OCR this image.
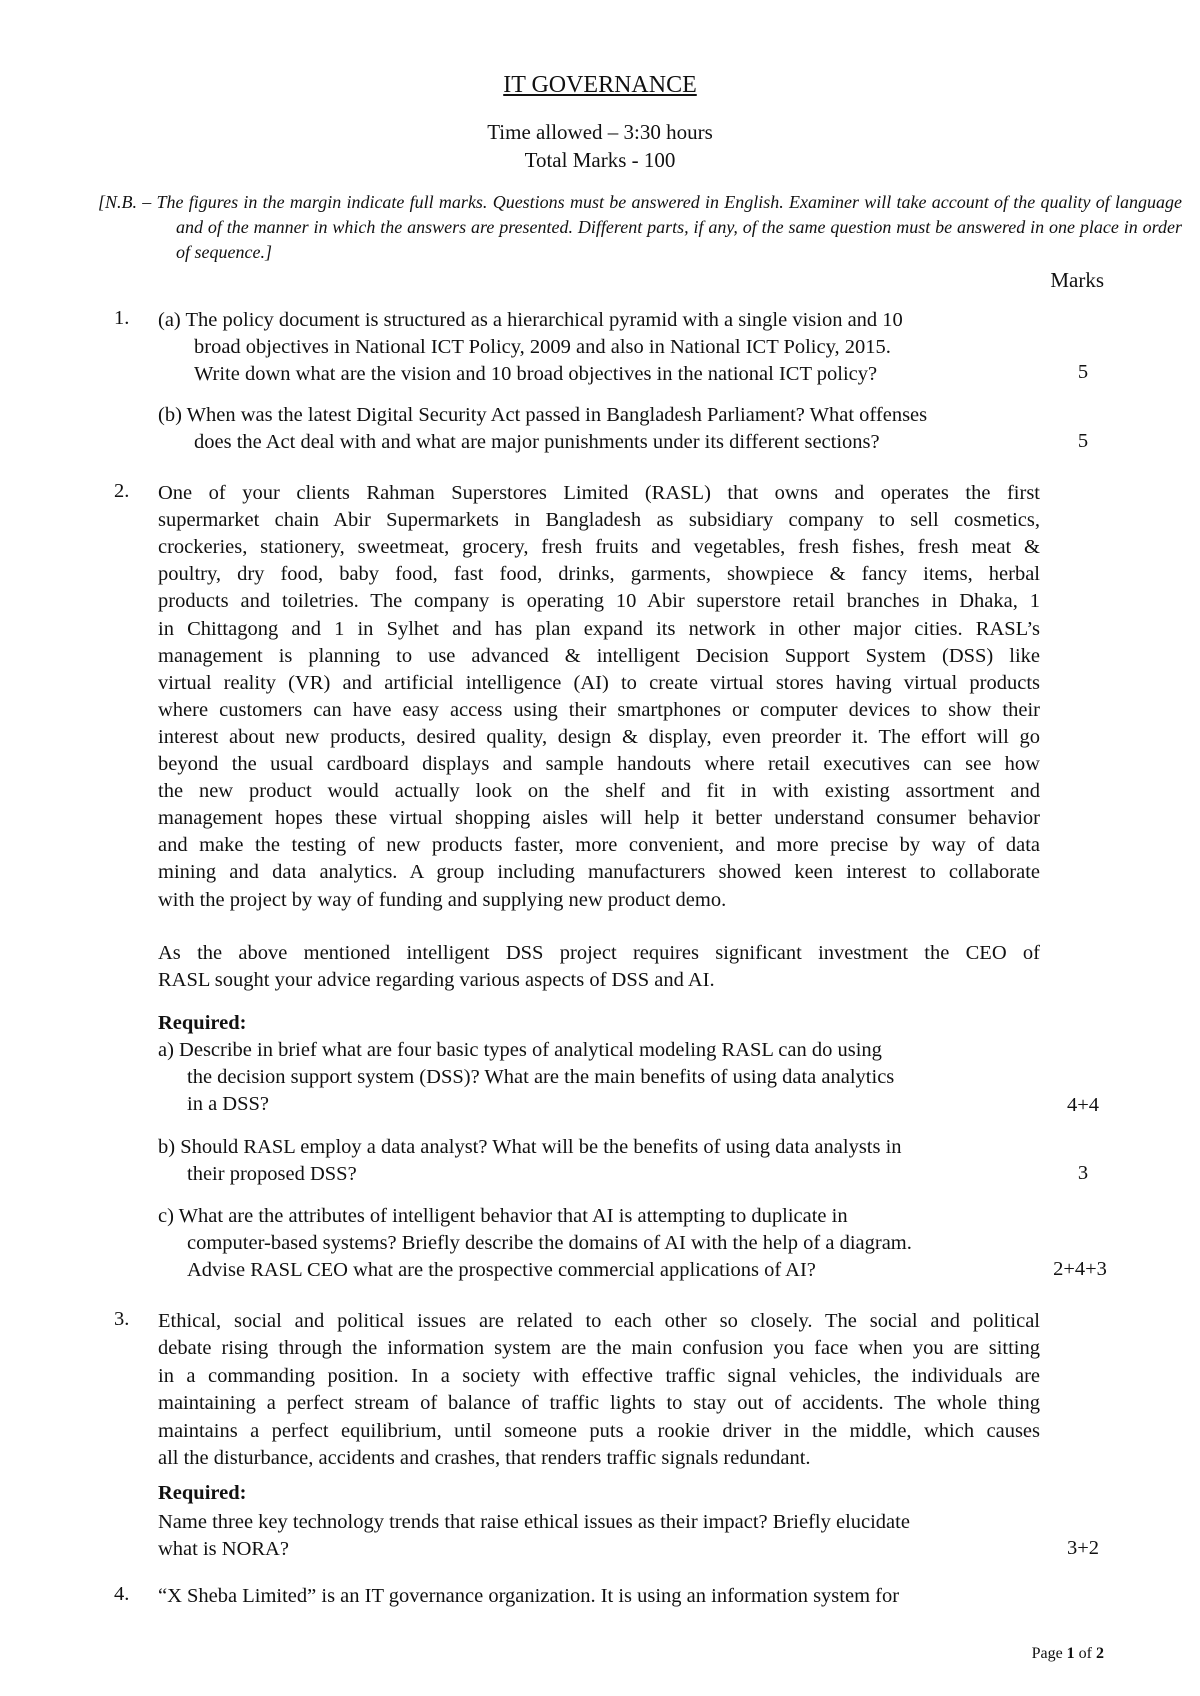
IT GOVERNANCE
Time allowed – 3:30 hours
Total Marks - 100
[N.B. – The figures in the margin indicate full marks. Questions must be answered in English. Examiner will take account of the quality of language and of the manner in which the answers are presented. Different parts, if any, of the same question must be answered in one place in order of sequence.]
Marks
1. (a) The policy document is structured as a hierarchical pyramid with a single vision and 10
broad objectives in National ICT Policy, 2009 and also in National ICT Policy, 2015.
Write down what are the vision and 10 broad objectives in the national ICT policy?	5
(b) When was the latest Digital Security Act passed in Bangladesh Parliament? What offenses
does the Act deal with and what are major punishments under its different sections?	5
2. One of your clients Rahman Superstores Limited (RASL) that owns and operates the first
supermarket chain Abir Supermarkets in Bangladesh as subsidiary company to sell cosmetics,
crockeries, stationery, sweetmeat, grocery, fresh fruits and vegetables, fresh fishes, fresh meat &
poultry, dry food, baby food, fast food, drinks, garments, showpiece & fancy items, herbal
products and toiletries. The company is operating 10 Abir superstore retail branches in Dhaka, 1
in Chittagong and 1 in Sylhet and has plan expand its network in other major cities. RASL’s
management is planning to use advanced & intelligent Decision Support System (DSS) like
virtual reality (VR) and artificial intelligence (AI) to create virtual stores having virtual products
where customers can have easy access using their smartphones or computer devices to show their
interest about new products, desired quality, design & display, even preorder it. The effort will go
beyond the usual cardboard displays and sample handouts where retail executives can see how
the new product would actually look on the shelf and fit in with existing assortment and
management hopes these virtual shopping aisles will help it better understand consumer behavior
and make the testing of new products faster, more convenient, and more precise by way of data
mining and data analytics. A group including manufacturers showed keen interest to collaborate
with the project by way of funding and supplying new product demo.
As the above mentioned intelligent DSS project requires significant investment the CEO of
RASL sought your advice regarding various aspects of DSS and AI.
Required:
a) Describe in brief what are four basic types of analytical modeling RASL can do using
the decision support system (DSS)? What are the main benefits of using data analytics
in a DSS?	4+4
b) Should RASL employ a data analyst? What will be the benefits of using data analysts in
their proposed DSS?	3
c) What are the attributes of intelligent behavior that AI is attempting to duplicate in
computer-based systems? Briefly describe the domains of AI with the help of a diagram.
Advise RASL CEO what are the prospective commercial applications of AI?	2+4+3
3. Ethical, social and political issues are related to each other so closely. The social and political
debate rising through the information system are the main confusion you face when you are sitting
in a commanding position. In a society with effective traffic signal vehicles, the individuals are
maintaining a perfect stream of balance of traffic lights to stay out of accidents. The whole thing
maintains a perfect equilibrium, until someone puts a rookie driver in the middle, which causes
all the disturbance, accidents and crashes, that renders traffic signals redundant.
Required:
Name three key technology trends that raise ethical issues as their impact? Briefly elucidate
what is NORA?	3+2
4. “X Sheba Limited” is an IT governance organization. It is using an information system for
Page 1 of 2
